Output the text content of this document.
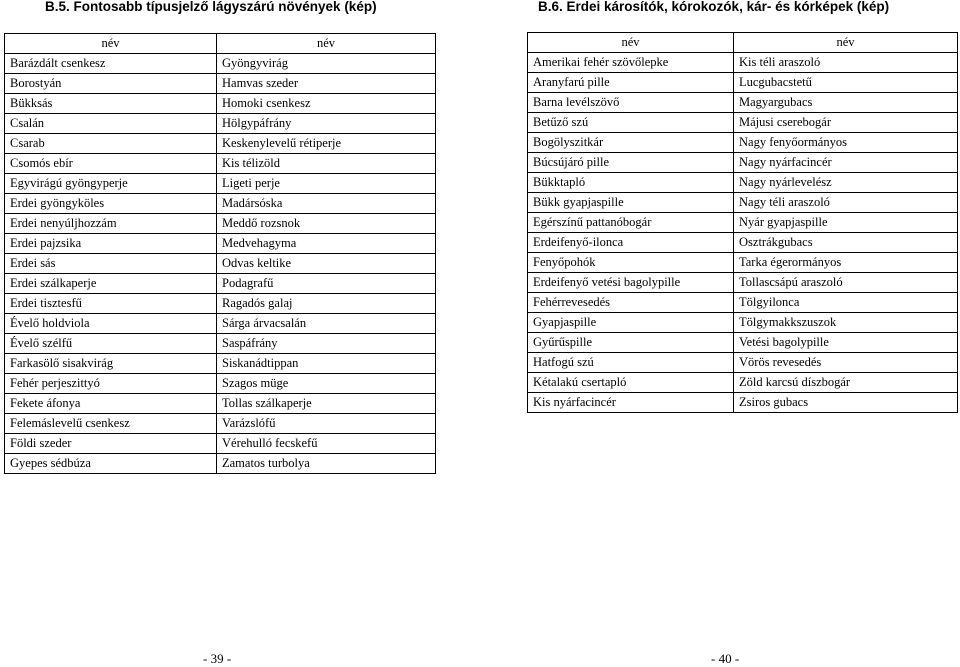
B.5. Fontosabb típusjelző lágyszárú növények (kép)	B.6. Erdei károsítók, kórokozók, kár- és kórképek (kép)
név	név
Barázdált csenkesz	Gyöngyvirág
Borostyán	Hamvas szeder
Bükksás	Homoki csenkesz
Csalán	Hölgypáfrány
Csarab	Keskenylevelű rétiperje
Csomós ebír	Kis télizöld
Egyvirágú gyöngyperje	Ligeti perje
Erdei gyöngyköles	Madársóska
Erdei nenyúljhozzám	Meddő rozsnok
Erdei pajzsika	Medvehagyma
Erdei sás	Odvas keltike
Erdei szálkaperje	Podagrafű
Erdei tisztesfű	Ragadós galaj
Évelő holdviola	Sárga árvacsalán
Évelő szélfű	Saspáfrány
Farkasölő sisakvirág	Siskanádtippan
Fehér perjeszittyó	Szagos müge
Fekete áfonya	Tollas szálkaperje
Felemáslevelű csenkesz	Varázslófű
Földi szeder	Vérehulló fecskefű
Gyepes sédbúza	Zamatos turbolya
név	név
Amerikai fehér szövőlepke	Kis téli araszoló
Aranyfarú pille	Lucgubacstetű
Barna levélszövő	Magyargubacs
Betűző szú	Májusi cserebogár
Bogölyszitkár	Nagy fenyőormányos
Búcsújáró pille	Nagy nyárfacincér
Bükktapló	Nagy nyárlevelész
Bükk gyapjaspille	Nagy téli araszoló
Egérszínű pattanóbogár	Nyár gyapjaspille
Erdeifenyő-ilonca	Osztrákgubacs
Fenyőpohók	Tarka égerormányos
Erdeifenyő vetési bagolypille	Tollascsápú araszoló
Fehérrevesedés	Tölgyilonca
Gyapjaspille	Tölgymakkszuszok
Gyűrűspille	Vetési bagolypille
Hatfogú szú	Vörös revesedés
Kétalakú csertapló	Zöld karcsú díszbogár
Kis nyárfacincér	Zsiros gubacs
- 39 -	- 40 -
